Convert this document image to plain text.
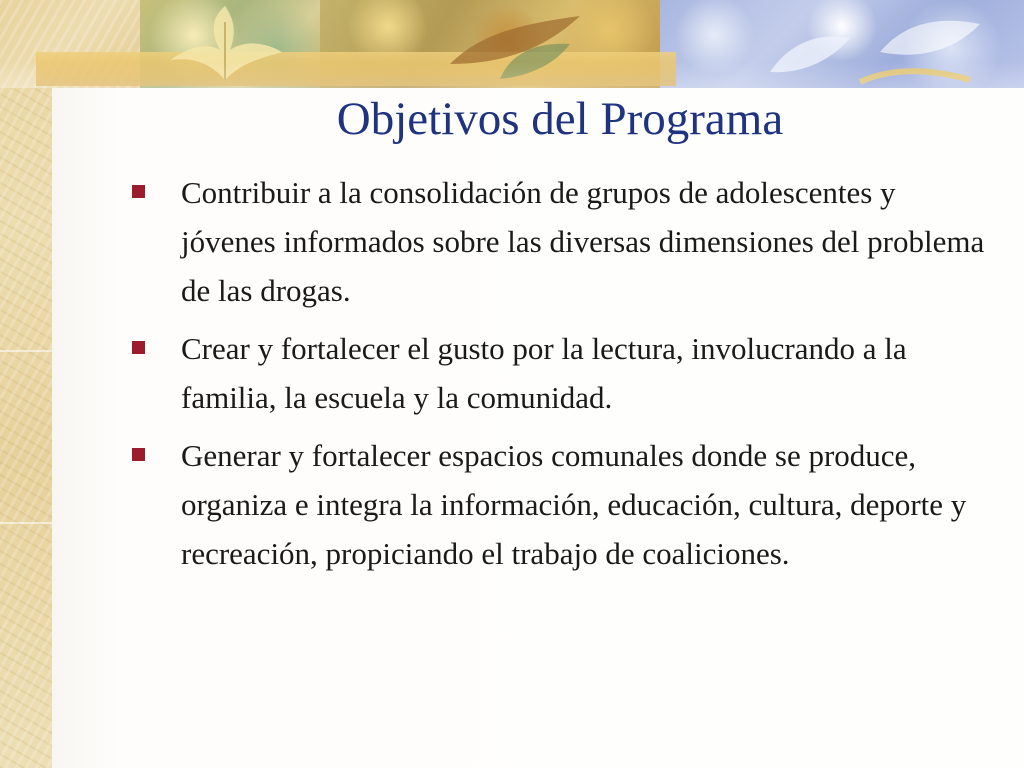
Objetivos del Programa
Contribuir a la consolidación de grupos de adolescentes y jóvenes informados sobre las diversas dimensiones del problema de las drogas.
Crear y fortalecer el gusto por la lectura, involucrando a la familia, la escuela y la comunidad.
Generar y fortalecer espacios comunales donde se produce, organiza e integra la información, educación, cultura, deporte y recreación, propiciando el trabajo de coaliciones.
